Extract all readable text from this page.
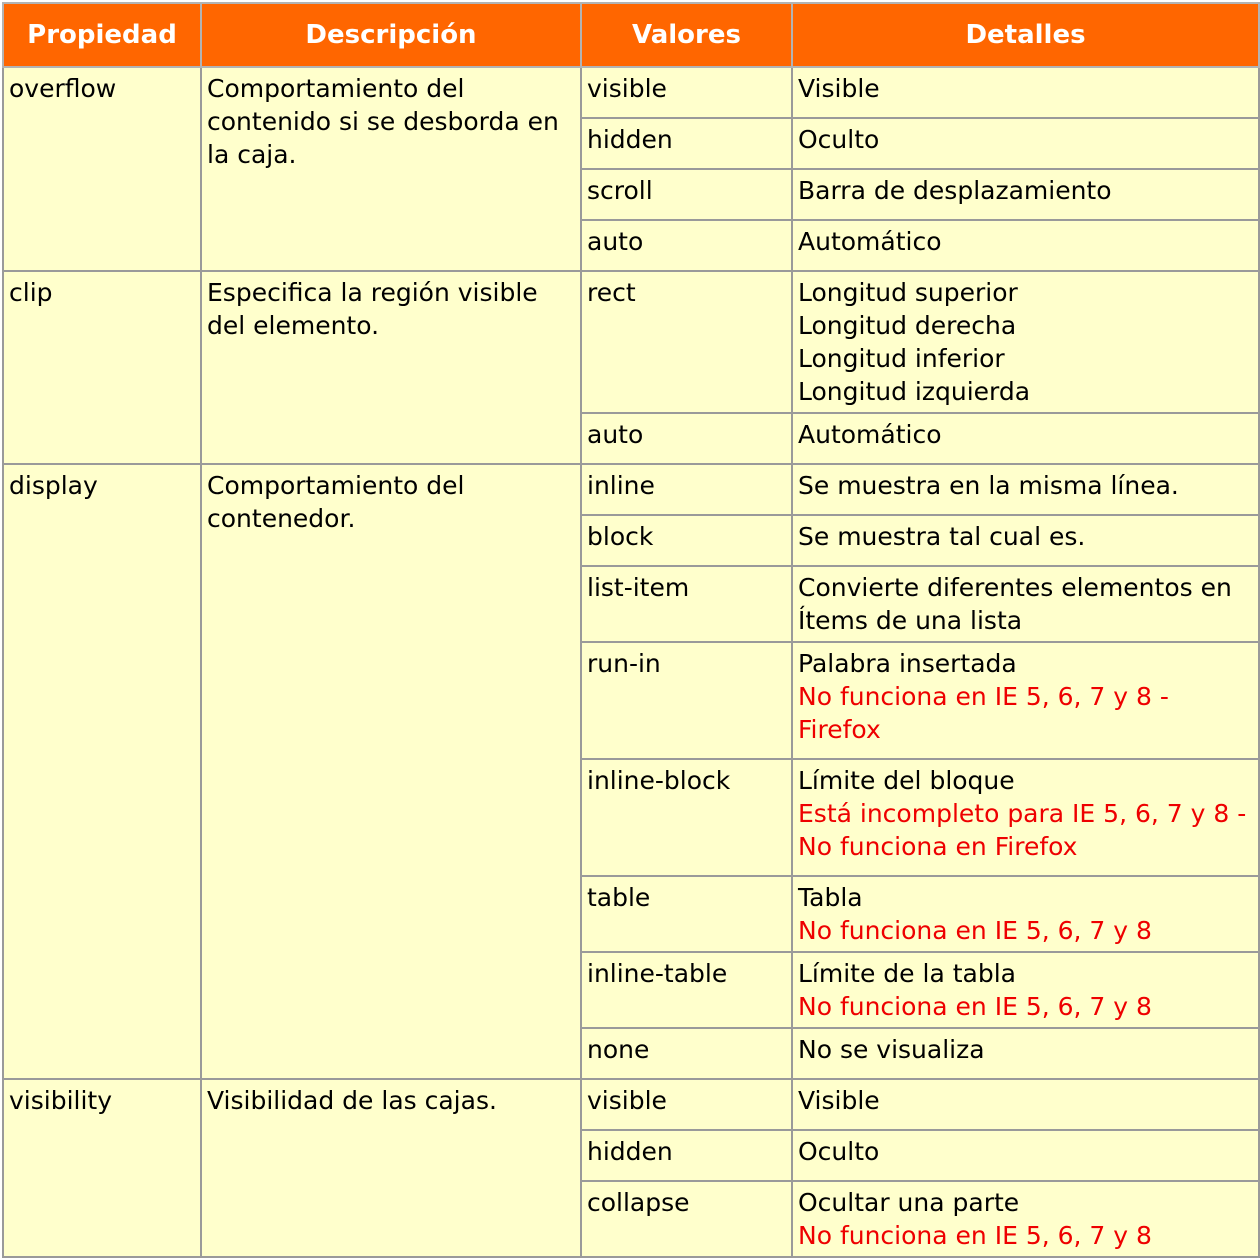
Propiedad	Descripción	Valores	Detalles
overflow	Comportamiento del contenido si se desborda en la caja.	visible	Visible
		hidden	Oculto
		scroll	Barra de desplazamiento
		auto	Automático
clip	Especifica la región visible del elemento.	rect	Longitud superior
Longitud derecha
Longitud inferior
Longitud izquierda

		auto	Automático
display	Comportamiento del contenedor.	inline	Se muestra en la misma línea.
		block	Se muestra tal cual es.
		list-item	Convierte diferentes elementos en Ítems de una lista
		run-in	Palabra insertada
No funciona en IE 5, 6, 7 y 8 - Firefox

		inline-block	Límite del bloque
Está incompleto para IE 5, 6, 7 y 8 - No funciona en Firefox

		table	Tabla
No funciona en IE 5, 6, 7 y 8

		inline-table	Límite de la tabla
No funciona en IE 5, 6, 7 y 8

		none	No se visualiza
visibility	Visibilidad de las cajas.	visible	Visible
		hidden	Oculto
		collapse	Ocultar una parte
No funciona en IE 5, 6, 7 y 8
